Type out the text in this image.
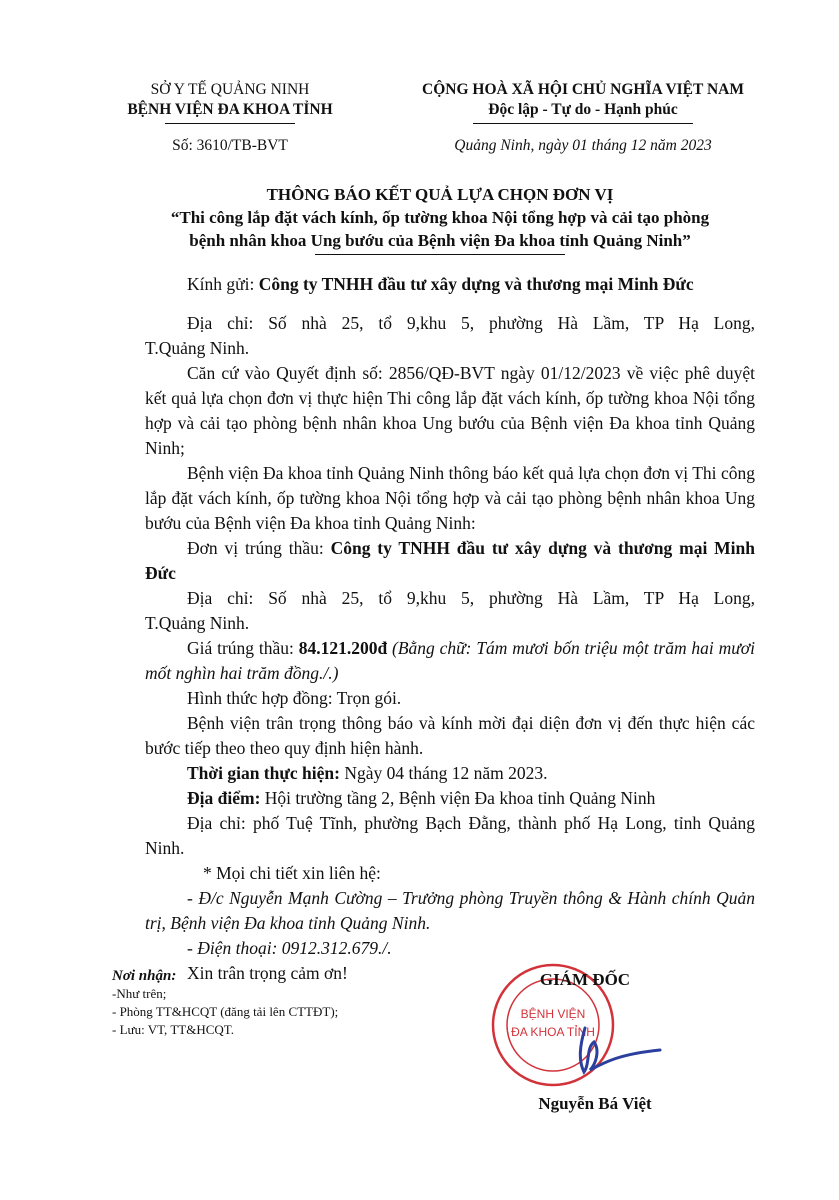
SỞ Y TẾ QUẢNG NINH
BỆNH VIỆN ĐA KHOA TỈNH
CỘNG HOÀ XÃ HỘI CHỦ NGHĨA VIỆT NAM
Độc lập - Tự do - Hạnh phúc
Số: 3610/TB-BVT	Quảng Ninh, ngày 01 tháng 12 năm 2023
THÔNG BÁO KẾT QUẢ LỰA CHỌN ĐƠN VỊ
“Thi công lắp đặt vách kính, ốp tường khoa Nội tổng hợp và cải tạo phòng
bệnh nhân khoa Ung bướu của Bệnh viện Đa khoa tỉnh Quảng Ninh”

Kính gửi: Công ty TNHH đầu tư xây dựng và thương mại Minh Đức

Địa chỉ: Số nhà 25, tổ 9,khu 5, phường Hà Lầm, TP Hạ Long,

T.Quảng Ninh.

Căn cứ vào Quyết định số: 2856/QĐ-BVT ngày 01/12/2023 về việc phê duyệt kết quả lựa chọn đơn vị thực hiện Thi công lắp đặt vách kính, ốp tường khoa Nội tổng hợp và cải tạo phòng bệnh nhân khoa Ung bướu của Bệnh viện Đa khoa tỉnh Quảng Ninh;

Bệnh viện Đa khoa tỉnh Quảng Ninh thông báo kết quả lựa chọn đơn vị Thi công lắp đặt vách kính, ốp tường khoa Nội tổng hợp và cải tạo phòng bệnh nhân khoa Ung bướu của Bệnh viện Đa khoa tỉnh Quảng Ninh:

Đơn vị trúng thầu: Công ty TNHH đầu tư xây dựng và thương mại Minh Đức

Địa chỉ: Số nhà 25, tổ 9,khu 5, phường Hà Lầm, TP Hạ Long,

T.Quảng Ninh.

Giá trúng thầu: 84.121.200đ (Bằng chữ: Tám mươi bốn triệu một trăm hai mươi mốt nghìn hai trăm đồng./.)

Hình thức hợp đồng: Trọn gói.

Bệnh viện trân trọng thông báo và kính mời đại diện đơn vị đến thực hiện các bước tiếp theo theo quy định hiện hành.

Thời gian thực hiện: Ngày 04 tháng 12 năm 2023.

Địa điểm: Hội trường tầng 2, Bệnh viện Đa khoa tỉnh Quảng Ninh

Địa chỉ: phố Tuệ Tĩnh, phường Bạch Đằng, thành phố Hạ Long, tỉnh Quảng Ninh.

* Mọi chi tiết xin liên hệ:

- Đ/c Nguyễn Mạnh Cường – Trưởng phòng Truyền thông & Hành chính Quản trị, Bệnh viện Đa khoa tỉnh Quảng Ninh.

- Điện thoại: 0912.312.679./.

Xin trân trọng cảm ơn!

Nơi nhận:
-Như trên;
- Phòng TT&HCQT (đăng tải lên CTTĐT);
- Lưu: VT, TT&HCQT.
BỆNH VIỆN
ĐA KHOA TỈNH
GIÁM ĐỐC
Nguyễn Bá Việt
